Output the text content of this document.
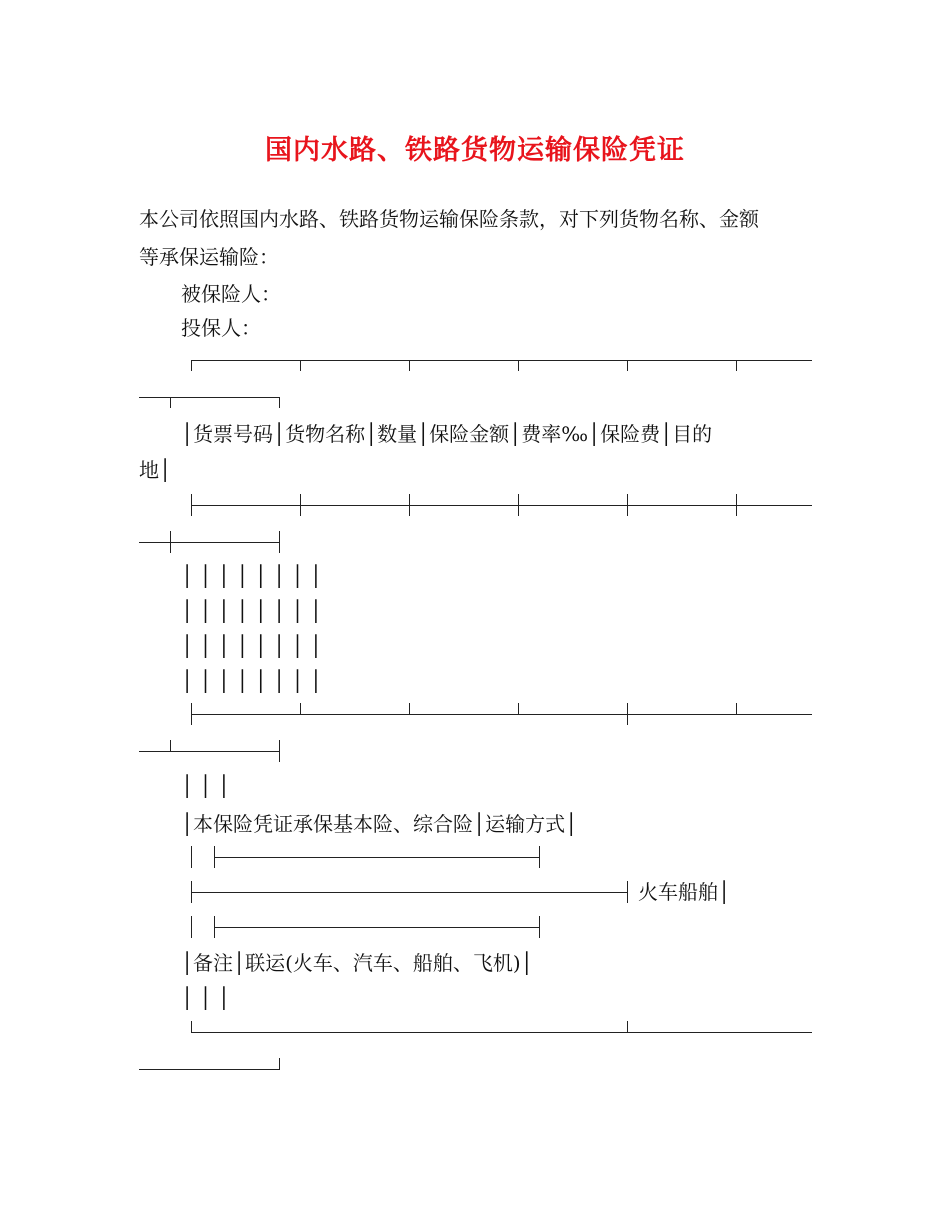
国内水路、铁路货物运输保险凭证
本公司依照国内水路、铁路货物运输保险条款，对下列货物名称、金额
等承保运输险：
被保险人：
投保人：
│货票号码│货物名称│数量│保险金额│费率‰│保险费│目的
地│
│ │ │ │ │ │ │ │
│ │ │ │ │ │ │ │
│ │ │ │ │ │ │ │
│ │ │ │ │ │ │ │
│ │ │
│本保险凭证承保基本险、综合险│运输方式│
火车船舶│
│备注│联运(火车、汽车、船舶、飞机)│
│ │ │
